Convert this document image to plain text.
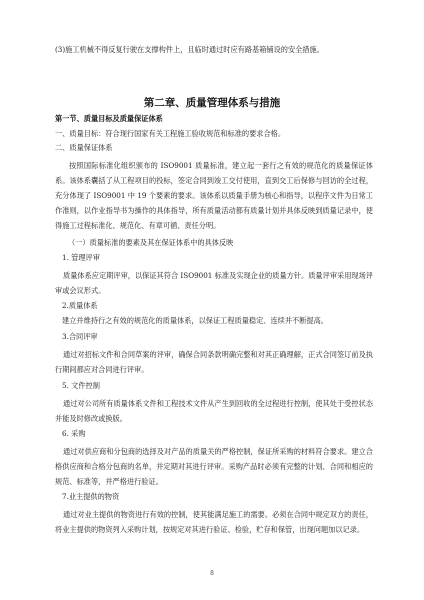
(3)施工机械不得反复行驶在支撑构件上，且临时通过时应有路基箱铺设的安全措施。
第二章、质量管理体系与措施
第一节、质量目标及质量保证体系
一、质量目标：符合现行国家有关工程施工验收规范和标准的要求合格。
二、质量保证体系
按照国际标准化组织颁布的 ISO9001 质量标准，建立起一套行之有效的规范化的质量保证体系。该体系囊括了从工程项目的投标，签定合同到竣工交付使用，直到交工后保修与回访的全过程，充分体现了 ISO9001 中 19 个要素的要求。该体系以质量手册为核心和指导，以程序文件为日常工作准则，以作业指导书为操作的具体指导，所有质量活动都有质量计划并具体反映到质量记录中，使得施工过程标准化、规范化、有章可循、责任分明。
（一）质量标准的要素及其在保证体系中的具体反映
1. 管理评审
质量体系应定期评审，以保证其符合 ISO9001 标准及实现企业的质量方针。质量评审采用现场评审或会议形式。
2.质量体系
建立并维持行之有效的规范化的质量体系，以保证工程质量稳定、连续并不断提高。
3.合同评审
通过对招标文件和合同草案的评审，确保合同条款明确完整和对其正确理解，正式合同签订前及执行期间都应对合同进行评审。
5. 文件控制
通过对公司所有质量体系文件和工程技术文件从产生到回收的全过程进行控制，使其处于受控状态并能及时修改或换版。
6. 采购
通过对供应商和分包商的选择及对产品的质量关的严格控制，保证所采购的材料符合要求。建立合格供应商和合格分包商的名单，并定期对其进行评审。采购产品时必须有完整的计划、合同和相应的规范、标准等，并严格进行验证。
7.业主提供的物资
通过对业主提供的物资进行有效的控制，使其能满足施工的需要。必须在合同中规定双方的责任，将业主提供的物资列入采购计划，按规定对其进行验证、检验，贮存和保管，出现问题加以记录。
8
